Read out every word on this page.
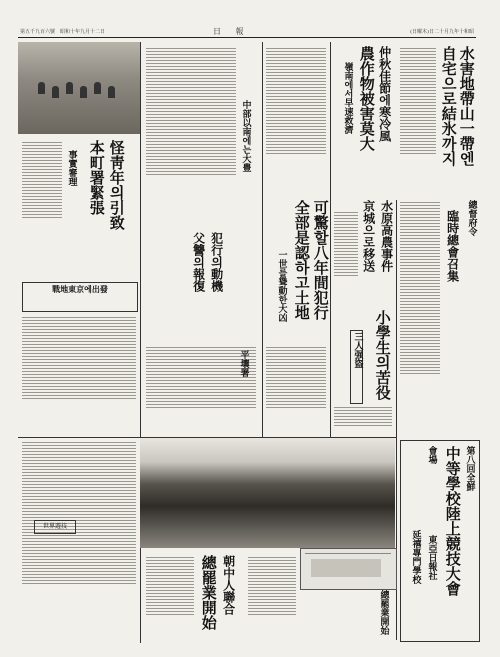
第五千九百六號　昭和十年九月十二日	日 報	(日曜木)日二十月九年十和昭
水害地帶山一帶엔
自宅으로結氷까지
仲秋佳節에寒冷風
農作物被害莫大
嶺南에서早速救濟
可驚할八年間犯行
全部是認하고土地
一世를聳動한大凶
中部以南에는大豊
犯行의動機
父讐의報復
平壤署
怪靑年의引致
本町署緊張
事實審理
戰地東京에出發
水原高農事件
京城으로移送
小學生의苦役
三人强盜
總督府令
臨時總會召集
第八回全鮮
中等學校陸上競技大會
會場
延禧專門學校 東亞日報社
總罷業開始
朝中人聯合
總罷業開始
世界遊技
